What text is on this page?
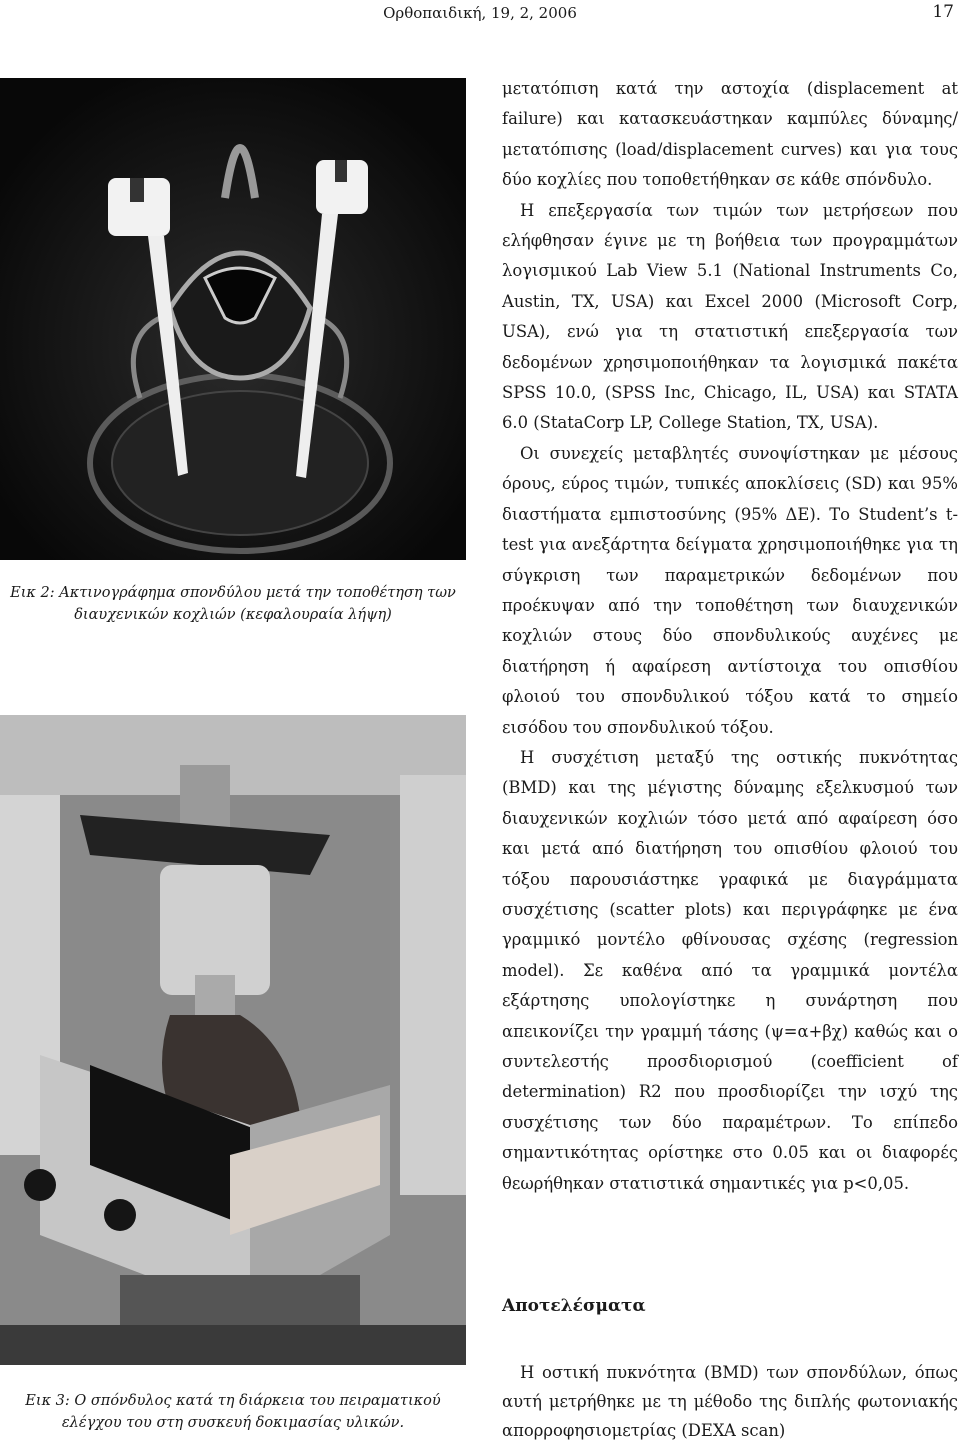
Ορθοπαιδική, 19, 2, 2006	17
Εικ 2: Ακτινογράφημα σπονδύλου μετά την τοποθέτηση των διαυχενικών κοχλιών (κεφαλουραία λήψη)
Εικ 3: Ο σπόνδυλος κατά τη διάρκεια του πειραματικού ελέγχου του στη συσκευή δοκιμασίας υλικών.

μετατόπιση κατά την αστοχία (displacement at failure) και κατασκευάστηκαν καμπύλες δύναμης/μετατόπισης (load/displacement curves) και για τους δύο κοχλίες που τοποθετήθηκαν σε κάθε σπόνδυλο.

Η επεξεργασία των τιμών των μετρήσεων που ελήφθησαν έγινε με τη βοήθεια των προγραμμάτων λογισμικού Lab View 5.1 (National Instruments Co, Austin, TX, USA) και Excel 2000 (Microsoft Corp, USA), ενώ για τη στατιστική επεξεργασία των δεδομένων χρησιμοποιήθηκαν τα λογισμικά πακέτα SPSS 10.0, (SPSS Inc, Chicago, IL, USA) και STATA 6.0 (StataCorp LP, College Station, TX, USA).

Οι συνεχείς μεταβλητές συνοψίστηκαν με μέσους όρους, εύρος τιμών, τυπικές αποκλίσεις (SD) και 95% διαστήματα εμπιστοσύνης (95% ΔΕ). Το Student’s t-test για ανεξάρτητα δείγματα χρησιμοποιήθηκε για τη σύγκριση των παραμετρικών δεδομένων που προέκυψαν από την τοποθέτηση των διαυχενικών κοχλιών στους δύο σπονδυλικούς αυχένες με διατήρηση ή αφαίρεση αντίστοιχα του οπισθίου φλοιού του σπονδυλικού τόξου κατά το σημείο εισόδου του σπονδυλικού τόξου.

Η συσχέτιση μεταξύ της οστικής πυκνότητας (BMD) και της μέγιστης δύναμης εξελκυσμού των διαυχενικών κοχλιών τόσο μετά από αφαίρεση όσο και μετά από διατήρηση του οπισθίου φλοιού του τόξου παρουσιάστηκε γραφικά με διαγράμματα συσχέτισης (scatter plots) και περιγράφηκε με ένα γραμμικό μοντέλο φθίνουσας σχέσης (regression model). Σε καθένα από τα γραμμικά μοντέλα εξάρτησης υπολογίστηκε η συνάρτηση που απεικονίζει την γραμμή τάσης (ψ=α+βχ) καθώς και ο συντελεστής προσδιορισμού (coefficient of determination) R2 που προσδιορίζει την ισχύ της συσχέτισης των δύο παραμέτρων. Το επίπεδο σημαντικότητας ορίστηκε στο 0.05 και οι διαφορές θεωρήθηκαν στατιστικά σημαντικές για p<0,05.

Αποτελέσματα

Η οστική πυκνότητα (BMD) των σπονδύλων, όπως αυτή μετρήθηκε με τη μέθοδο της διπλής φωτονιακής απορροφησιομετρίας (DEXA scan)
